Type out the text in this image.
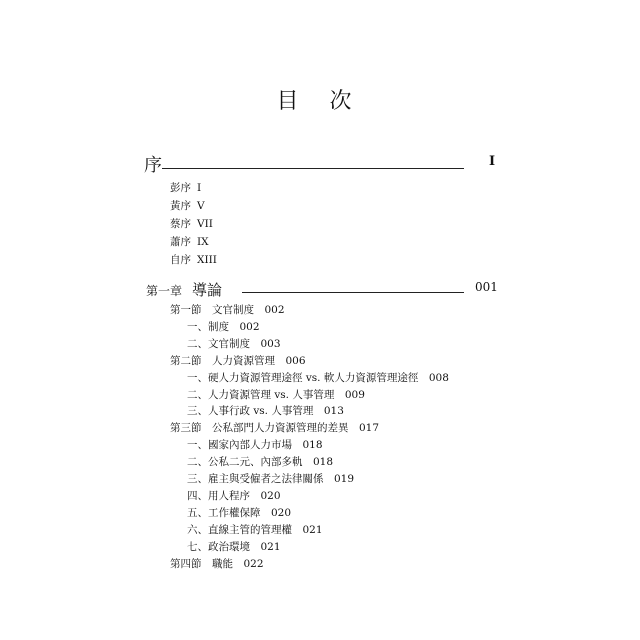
目 次
序	I
彭序 I
黃序 V
蔡序 VII
蕭序 IX
自序 XIII
第一章 導論	001
第一節　文官制度　002
一、制度　002
二、文官制度　003
第二節　人力資源管理　006
一、硬人力資源管理途徑 vs. 軟人力資源管理途徑　008
二、人力資源管理 vs. 人事管理　009
三、人事行政 vs. 人事管理　013
第三節　公私部門人力資源管理的差異　017
一、國家內部人力市場　018
二、公私二元、內部多軌　018
三、雇主與受僱者之法律關係　019
四、用人程序　020
五、工作權保障　020
六、直線主管的管理權　021
七、政治環境　021
第四節　職能　022
